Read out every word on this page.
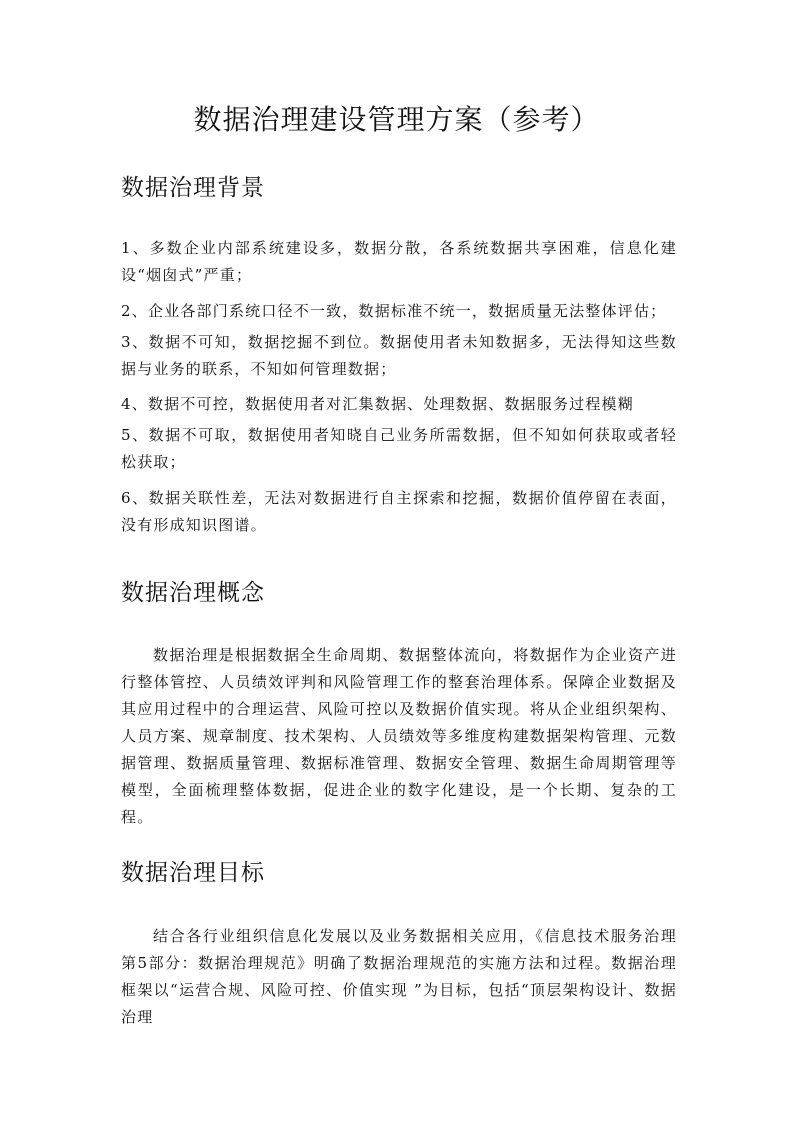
数据治理建设管理方案（参考）
数据治理背景

1、多数企业内部系统建设多，数据分散，各系统数据共享困难，信息化建设“烟囱式”严重；

2、企业各部门系统口径不一致，数据标准不统一，数据质量无法整体评估；

3、数据不可知，数据挖掘不到位。数据使用者未知数据多，无法得知这些数据与业务的联系，不知如何管理数据；

4、数据不可控，数据使用者对汇集数据、处理数据、数据服务过程模糊

5、数据不可取，数据使用者知晓自己业务所需数据，但不知如何获取或者轻松获取；

6、数据关联性差，无法对数据进行自主探索和挖掘，数据价值停留在表面，没有形成知识图谱。

数据治理概念

数据治理是根据数据全生命周期、数据整体流向，将数据作为企业资产进行整体管控、人员绩效评判和风险管理工作的整套治理体系。保障企业数据及其应用过程中的合理运营、风险可控以及数据价值实现。将从企业组织架构、人员方案、规章制度、技术架构、人员绩效等多维度构建数据架构管理、元数据管理、数据质量管理、数据标准管理、数据安全管理、数据生命周期管理等模型，全面梳理整体数据，促进企业的数字化建设，是一个长期、复杂的工程。

数据治理目标

结合各行业组织信息化发展以及业务数据相关应用，《信息技术服务治理 第5部分：数据治理规范》明确了数据治理规范的实施方法和过程。数据治理框架以“运营合规、风险可控、价值实现 ”为目标，包括“顶层架构设计、数据治理
